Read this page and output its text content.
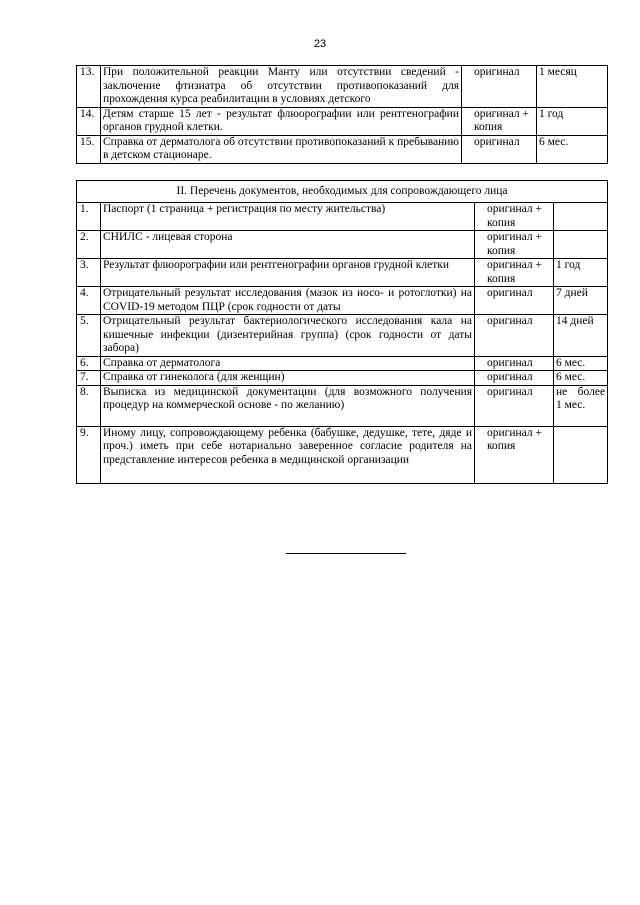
23
13.	При положительной реакции Манту или отсутствии сведений - заключение фтизиатра об отсутствии противопоказаний для прохождения курса реабилитации в условиях детского	оригинал	1 месяц
14.	Детям старше 15 лет - результат флюорографии или рентгенографии органов грудной клетки.	оригинал + копия	1 год
15.	Справка от дерматолога об отсутствии противопоказаний к пребыванию в детском стационаре.	оригинал	6 мес.
II. Перечень документов, необходимых для сопровождающего лица			
1.	Паспорт (1 страница + регистрация по месту жительства)	оригинал + копия	
2.	СНИЛС - лицевая сторона	оригинал + копия	
3.	Результат флюорографии или рентгенографии органов грудной клетки	оригинал + копия	1 год
4.	Отрицательный результат исследования (мазок из носо- и ротоглотки) на COVID-19 методом ПЦР (срок годности от даты	оригинал	7 дней
5.	Отрицательный результат бактериологического исследования кала на кишечные инфекции (дизентерийная группа) (срок годности от даты забора)	оригинал	14 дней
6.	Справка от дерматолога	оригинал	6 мес.
7.	Справка от гинеколога (для женщин)	оригинал	6 мес.
8.	Выписка из медицинской документации (для возможного получения процедур на коммерческой основе - по желанию)	оригинал	не более 1 мес.
9.	Иному лицу, сопровождающему ребенка (бабушке, дедушке, тете, дяде и проч.) иметь при себе нотариально заверенное согласие родителя на представление интересов ребенка в медицинской организации	оригинал + копия	
